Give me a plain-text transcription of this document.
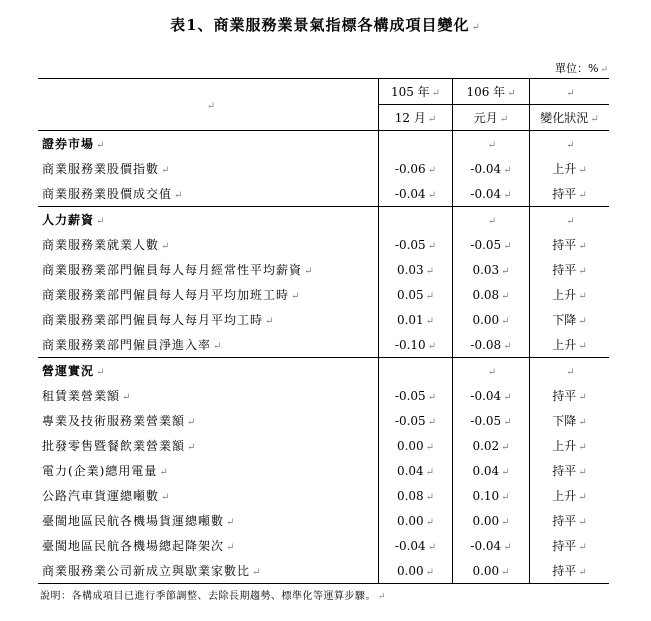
表1、商業服務業景氣指標各構成項目變化 ↵
單位：% ↵
↵	105 年 ↵	106 年 ↵	↵
	12 月 ↵	元月 ↵	變化狀況 ↵
證券市場 ↵		↵	↵
商業服務業股價指數 ↵	-0.06 ↵	-0.04 ↵	上升 ↵
商業服務業股價成交值 ↵	-0.04 ↵	-0.04 ↵	持平 ↵
人力薪資 ↵		↵	↵
商業服務業就業人數 ↵	-0.05 ↵	-0.05 ↵	持平 ↵
商業服務業部門僱員每人每月經常性平均薪資 ↵	0.03 ↵	0.03 ↵	持平 ↵
商業服務業部門僱員每人每月平均加班工時 ↵	0.05 ↵	0.08 ↵	上升 ↵
商業服務業部門僱員每人每月平均工時 ↵	0.01 ↵	0.00 ↵	下降 ↵
商業服務業部門僱員淨進入率 ↵	-0.10 ↵	-0.08 ↵	上升 ↵
營運實況 ↵		↵	↵
租賃業營業額 ↵	-0.05 ↵	-0.04 ↵	持平 ↵
專業及技術服務業營業額 ↵	-0.05 ↵	-0.05 ↵	下降 ↵
批發零售暨餐飲業營業額 ↵	0.00 ↵	0.02 ↵	上升 ↵
電力(企業)總用電量 ↵	0.04 ↵	0.04 ↵	持平 ↵
公路汽車貨運總噸數 ↵	0.08 ↵	0.10 ↵	上升 ↵
臺閩地區民航各機場貨運總噸數 ↵	0.00 ↵	0.00 ↵	持平 ↵
臺閩地區民航各機場總起降架次 ↵	-0.04 ↵	-0.04 ↵	持平 ↵
商業服務業公司新成立與歇業家數比 ↵	0.00 ↵	0.00 ↵	持平 ↵
說明：各構成項目已進行季節調整、去除長期趨勢、標準化等運算步驟。 ↵
